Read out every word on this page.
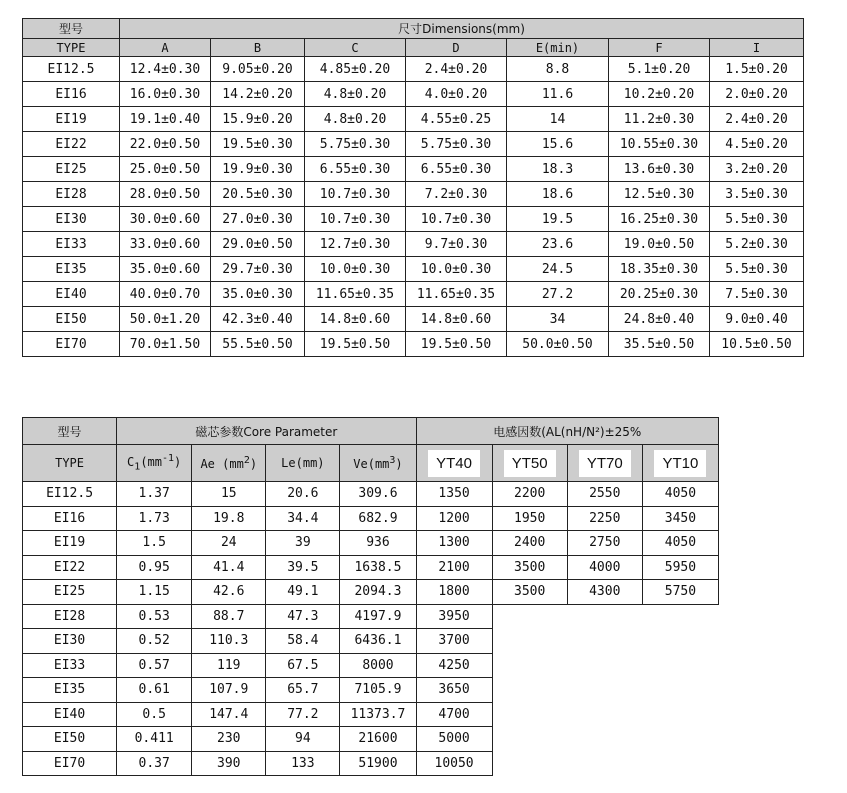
型号	尺寸Dimensions(mm)						
TYPE	A	B	C	D	E(min)	F	I
EI12.5	12.4±0.30	9.05±0.20	4.85±0.20	2.4±0.20	8.8	5.1±0.20	1.5±0.20
EI16	16.0±0.30	14.2±0.20	4.8±0.20	4.0±0.20	11.6	10.2±0.20	2.0±0.20
EI19	19.1±0.40	15.9±0.20	4.8±0.20	4.55±0.25	14	11.2±0.30	2.4±0.20
EI22	22.0±0.50	19.5±0.30	5.75±0.30	5.75±0.30	15.6	10.55±0.30	4.5±0.20
EI25	25.0±0.50	19.9±0.30	6.55±0.30	6.55±0.30	18.3	13.6±0.30	3.2±0.20
EI28	28.0±0.50	20.5±0.30	10.7±0.30	7.2±0.30	18.6	12.5±0.30	3.5±0.30
EI30	30.0±0.60	27.0±0.30	10.7±0.30	10.7±0.30	19.5	16.25±0.30	5.5±0.30
EI33	33.0±0.60	29.0±0.50	12.7±0.30	9.7±0.30	23.6	19.0±0.50	5.2±0.30
EI35	35.0±0.60	29.7±0.30	10.0±0.30	10.0±0.30	24.5	18.35±0.30	5.5±0.30
EI40	40.0±0.70	35.0±0.30	11.65±0.35	11.65±0.35	27.2	20.25±0.30	7.5±0.30
EI50	50.0±1.20	42.3±0.40	14.8±0.60	14.8±0.60	34	24.8±0.40	9.0±0.40
EI70	70.0±1.50	55.5±0.50	19.5±0.50	19.5±0.50	50.0±0.50	35.5±0.50	10.5±0.50
型号	磁芯参数Core Parameter				电感因数(AL(nH/N²)±25%			
TYPE	$C_1(mm^{-1})$	Ae $(mm^2)$	Le(mm)	$Ve(mm^3)$	YT40	YT50	YT70	YT10
EI12.5	1.37	15	20.6	309.6	1350	2200	2550	4050
EI16	1.73	19.8	34.4	682.9	1200	1950	2250	3450
EI19	1.5	24	39	936	1300	2400	2750	4050
EI22	0.95	41.4	39.5	1638.5	2100	3500	4000	5950
EI25	1.15	42.6	49.1	2094.3	1800	3500	4300	5750
EI28	0.53	88.7	47.3	4197.9	3950			
EI30	0.52	110.3	58.4	6436.1	3700			
EI33	0.57	119	67.5	8000	4250			
EI35	0.61	107.9	65.7	7105.9	3650			
EI40	0.5	147.4	77.2	11373.7	4700			
EI50	0.411	230	94	21600	5000			
EI70	0.37	390	133	51900	10050			
